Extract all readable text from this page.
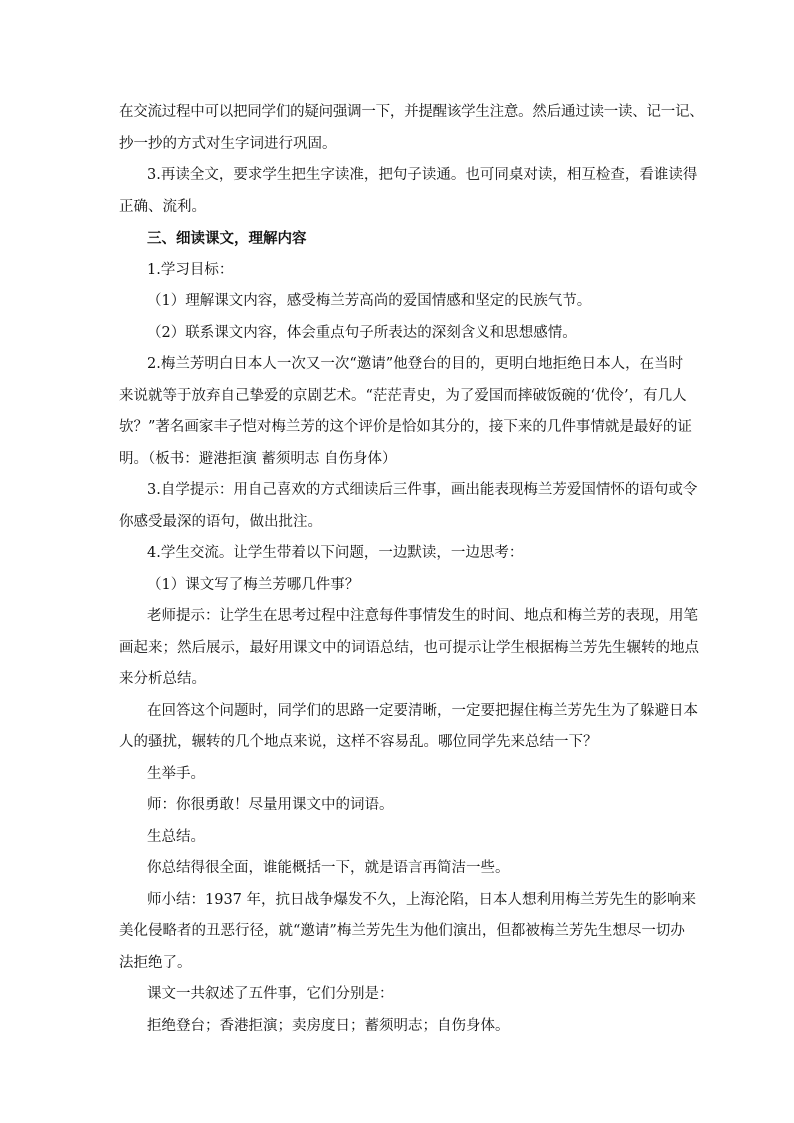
在交流过程中可以把同学们的疑问强调一下，并提醒该学生注意。然后通过读一读、记一记、

抄一抄的方式对生字词进行巩固。

3.再读全文，要求学生把生字读准，把句子读通。也可同桌对读，相互检查，看谁读得

正确、流利。

三、细读课文，理解内容

1.学习目标：

（1）理解课文内容，感受梅兰芳高尚的爱国情感和坚定的民族气节。

（2）联系课文内容，体会重点句子所表达的深刻含义和思想感情。

2.梅兰芳明白日本人一次又一次“邀请”他登台的目的，更明白地拒绝日本人，在当时

来说就等于放弃自己挚爱的京剧艺术。“茫茫青史，为了爱国而摔破饭碗的‘优伶’，有几人

欤？”著名画家丰子恺对梅兰芳的这个评价是恰如其分的，接下来的几件事情就是最好的证

明。（板书：避港拒演 蓄须明志 自伤身体）

3.自学提示：用自己喜欢的方式细读后三件事，画出能表现梅兰芳爱国情怀的语句或令

你感受最深的语句，做出批注。

4.学生交流。让学生带着以下问题，一边默读，一边思考：

（1）课文写了梅兰芳哪几件事？

老师提示：让学生在思考过程中注意每件事情发生的时间、地点和梅兰芳的表现，用笔

画起来；然后展示，最好用课文中的词语总结，也可提示让学生根据梅兰芳先生辗转的地点

来分析总结。

在回答这个问题时，同学们的思路一定要清晰，一定要把握住梅兰芳先生为了躲避日本

人的骚扰，辗转的几个地点来说，这样不容易乱。哪位同学先来总结一下？

生举手。

师：你很勇敢！尽量用课文中的词语。

生总结。

你总结得很全面，谁能概括一下，就是语言再简洁一些。

师小结：1937 年，抗日战争爆发不久，上海沦陷，日本人想利用梅兰芳先生的影响来

美化侵略者的丑恶行径，就“邀请”梅兰芳先生为他们演出，但都被梅兰芳先生想尽一切办

法拒绝了。

课文一共叙述了五件事，它们分别是：

拒绝登台；香港拒演；卖房度日；蓄须明志；自伤身体。
